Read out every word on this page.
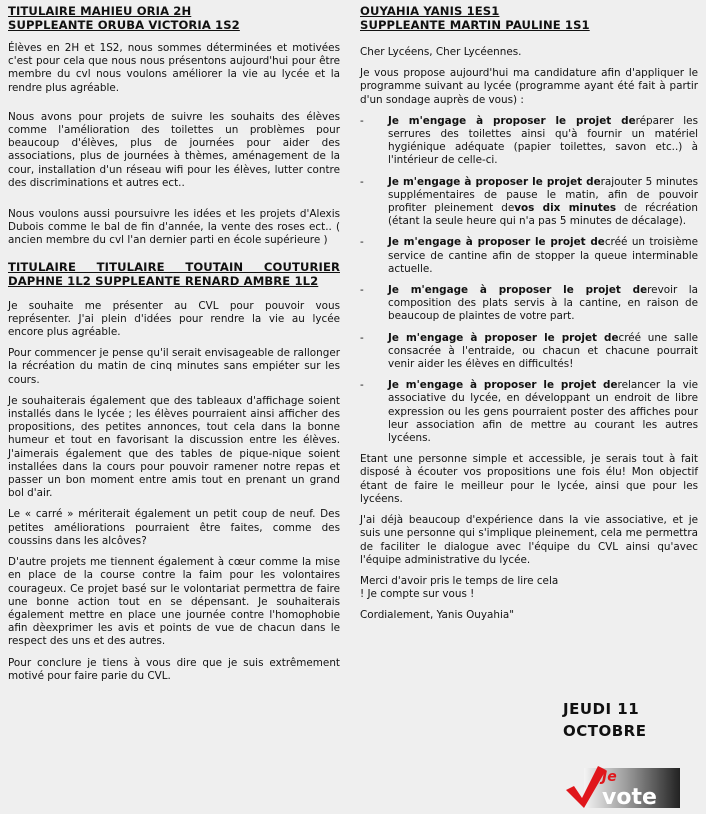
TITULAIRE MAHIEU ORIA 2H
SUPPLEANTE ORUBA VICTORIA 1S2

Élèves en 2H et 1S2, nous sommes déterminées et motivées c'est pour cela que nous nous présentons aujourd'hui pour être membre du cvl nous voulons améliorer la vie au lycée et la rendre plus agréable.

Nous avons pour projets de suivre les souhaits des élèves comme l'amélioration des toilettes un problèmes pour beaucoup d'élèves, plus de journées pour aider des associations, plus de journées à thèmes, aménagement de la cour, installation d'un réseau wifi pour les élèves, lutter contre des discriminations et autres ect..

Nous voulons aussi poursuivre les idées et les projets d'Alexis Dubois comme le bal de fin d'année, la vente des roses ect.. ( ancien membre du cvl l'an dernier parti en école supérieure )

TITULAIRE TITULAIRE TOUTAIN COUTURIER
DAPHNE 1L2 SUPPLEANTE RENARD AMBRE 1L2

Je souhaite me présenter au CVL pour pouvoir vous représenter. J'ai plein d'idées pour rendre la vie au lycée encore plus agréable.

Pour commencer je pense qu'il serait envisageable de rallonger la récréation du matin de cinq minutes sans empiéter sur les cours.

Je souhaiterais également que des tableaux d'affichage soient installés dans le lycée ; les élèves pourraient ainsi afficher des propositions, des petites annonces, tout cela dans la bonne humeur et tout en favorisant la discussion entre les élèves. J'aimerais également que des tables de pique-nique soient installées dans la cours pour pouvoir ramener notre repas et passer un bon moment entre amis tout en prenant un grand bol d'air.

Le « carré » mériterait également un petit coup de neuf. Des petites améliorations pourraient être faites, comme des coussins dans les alcôves?

D'autre projets me tiennent également à cœur comme la mise en place de la course contre la faim pour les volontaires courageux. Ce projet basé sur le volontariat permettra de faire une bonne action tout en se dépensant. Je souhaiterais également mettre en place une journée contre l'homophobie afin dèexprimer les avis et points de vue de chacun dans le respect des uns et des autres.

Pour conclure je tiens à vous dire que je suis extrêmement motivé pour faire parie du CVL.

OUYAHIA YANIS 1ES1
SUPPLEANTE MARTIN PAULINE 1S1

Cher Lycéens, Cher Lycéennes.

Je vous propose aujourd'hui ma candidature afin d'appliquer le programme suivant au lycée (programme ayant été fait à partir d'un sondage auprès de vous) :

-	Je m'engage à proposer le projet deréparer les serrures des toilettes ainsi qu'à fournir un matériel hygiénique adéquate (papier toilettes, savon etc..) à l'intérieur de celle-ci.
-	Je m'engage à proposer le projet derajouter 5 minutes supplémentaires de pause le matin, afin de pouvoir profiter pleinement devos dix minutes de récréation (étant la seule heure qui n'a pas 5 minutes de décalage).
-	Je m'engage à proposer le projet decréé un troisième service de cantine afin de stopper la queue interminable actuelle.
-	Je m'engage à proposer le projet derevoir la composition des plats servis à la cantine, en raison de beaucoup de plaintes de votre part.
-	Je m'engage à proposer le projet decréé une salle consacrée à l'entraide, ou chacun et chacune pourrait venir aider les élèves en difficultés!
-	Je m'engage à proposer le projet derelancer la vie associative du lycée, en développant un endroit de libre expression ou les gens pourraient poster des affiches pour leur association afin de mettre au courant les autres lycéens.

Etant une personne simple et accessible, je serais tout à fait disposé à écouter vos propositions une fois élu! Mon objectif étant de faire le meilleur pour le lycée, ainsi que pour les lycéens.

J'ai déjà beaucoup d'expérience dans la vie associative, et je suis une personne qui s'implique pleinement, cela me permettra de faciliter le dialogue avec l'équipe du CVL ainsi qu'avec l'équipe administrative du lycée.

Merci d'avoir pris le temps de lire cela ! Je compte sur vous !

Cordialement, Yanis Ouyahia"

JEUDI 11
OCTOBRE
Je
vote
